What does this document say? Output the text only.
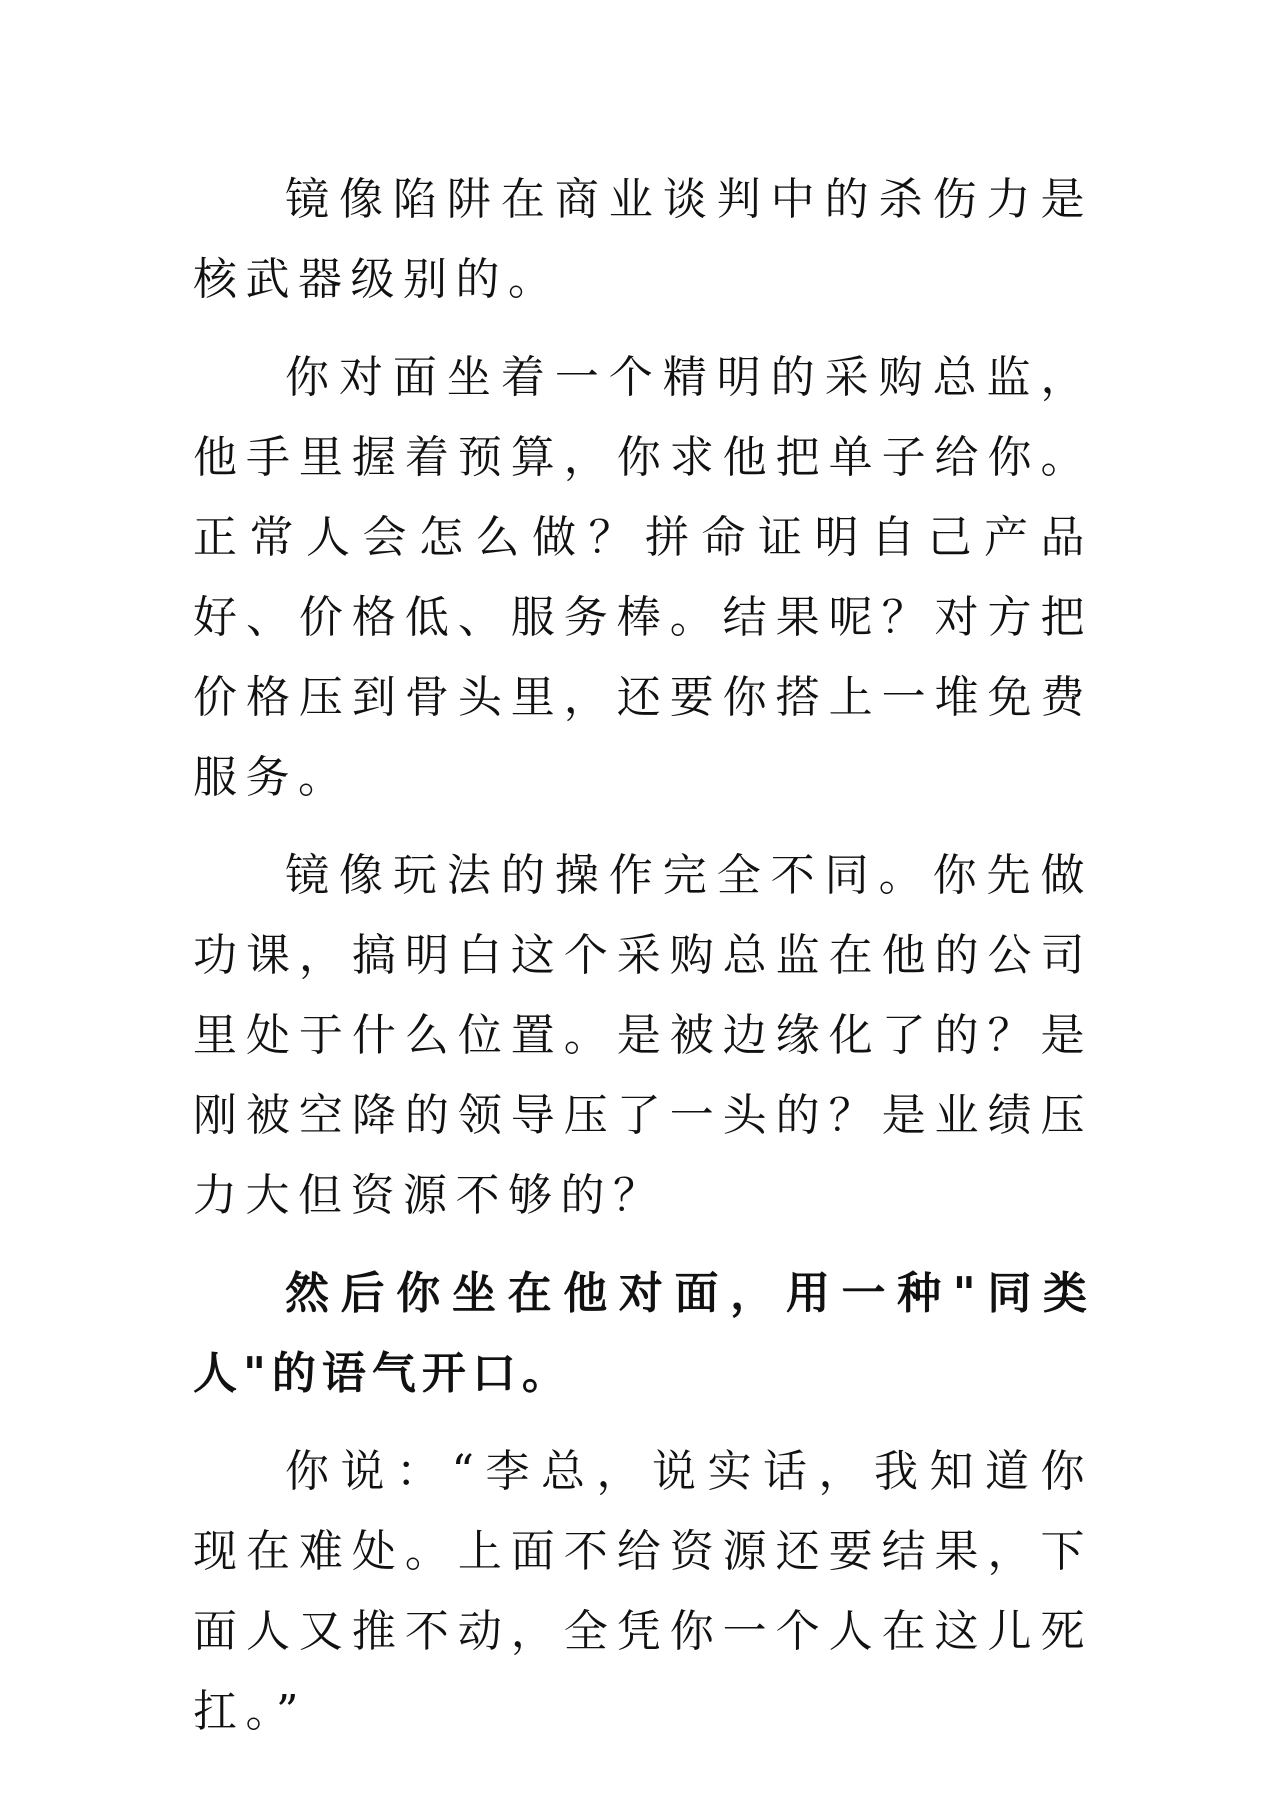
镜像陷阱在商业谈判中的杀伤力是核武器级别的。

你对面坐着一个精明的采购总监，他手里握着预算，你求他把单子给你。正常人会怎么做？拼命证明自己产品好、价格低、服务棒。结果呢？对方把价格压到骨头里，还要你搭上一堆免费服务。

镜像玩法的操作完全不同。你先做功课，搞明白这个采购总监在他的公司里处于什么位置。是被边缘化了的？是刚被空降的领导压了一头的？是业绩压力大但资源不够的？

然后你坐在他对面，用一种"同类人"的语气开口。

你说：“李总，说实话，我知道你现在难处。上面不给资源还要结果，下面人又推不动，全凭你一个人在这儿死扛。”
